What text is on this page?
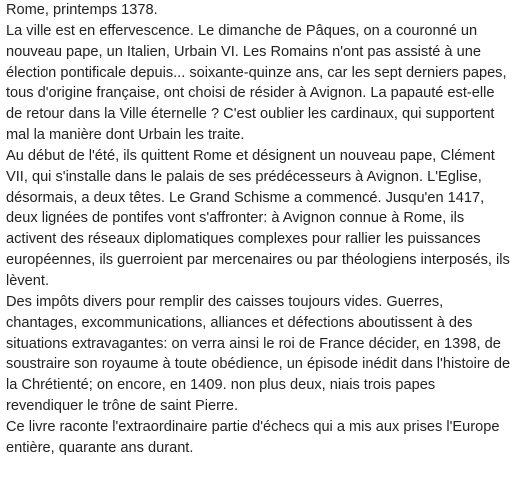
Rome, printemps 1378.
La ville est en effervescence. Le dimanche de Pâques, on a couronné un
nouveau pape, un Italien, Urbain VI. Les Romains n'ont pas assisté à une
élection pontificale depuis... soixante-quinze ans, car les sept derniers papes,
tous d'origine française, ont choisi de résider à Avignon. La papauté est-elle
de retour dans la Ville éternelle ? C'est oublier les cardinaux, qui supportent
mal la manière dont Urbain les traite.
Au début de l'été, ils quittent Rome et désignent un nouveau pape, Clément
VII, qui s'installe dans le palais de ses prédécesseurs à Avignon. L'Eglise,
désormais, a deux têtes. Le Grand Schisme a commencé. Jusqu'en 1417,
deux lignées de pontifes vont s'affronter: à Avignon connue à Rome, ils
activent des réseaux diplomatiques complexes pour rallier les puissances
européennes, ils guerroient par mercenaires ou par théologiens interposés, ils
lèvent.
Des impôts divers pour remplir des caisses toujours vides. Guerres,
chantages, excommunications, alliances et défections aboutissent à des
situations extravagantes: on verra ainsi le roi de France décider, en 1398, de
soustraire son royaume à toute obédience, un épisode inédit dans l'histoire de
la Chrétienté; on encore, en 1409. non plus deux, niais trois papes
revendiquer le trône de saint Pierre.
Ce livre raconte l'extraordinaire partie d'échecs qui a mis aux prises l'Europe
entière, quarante ans durant.
